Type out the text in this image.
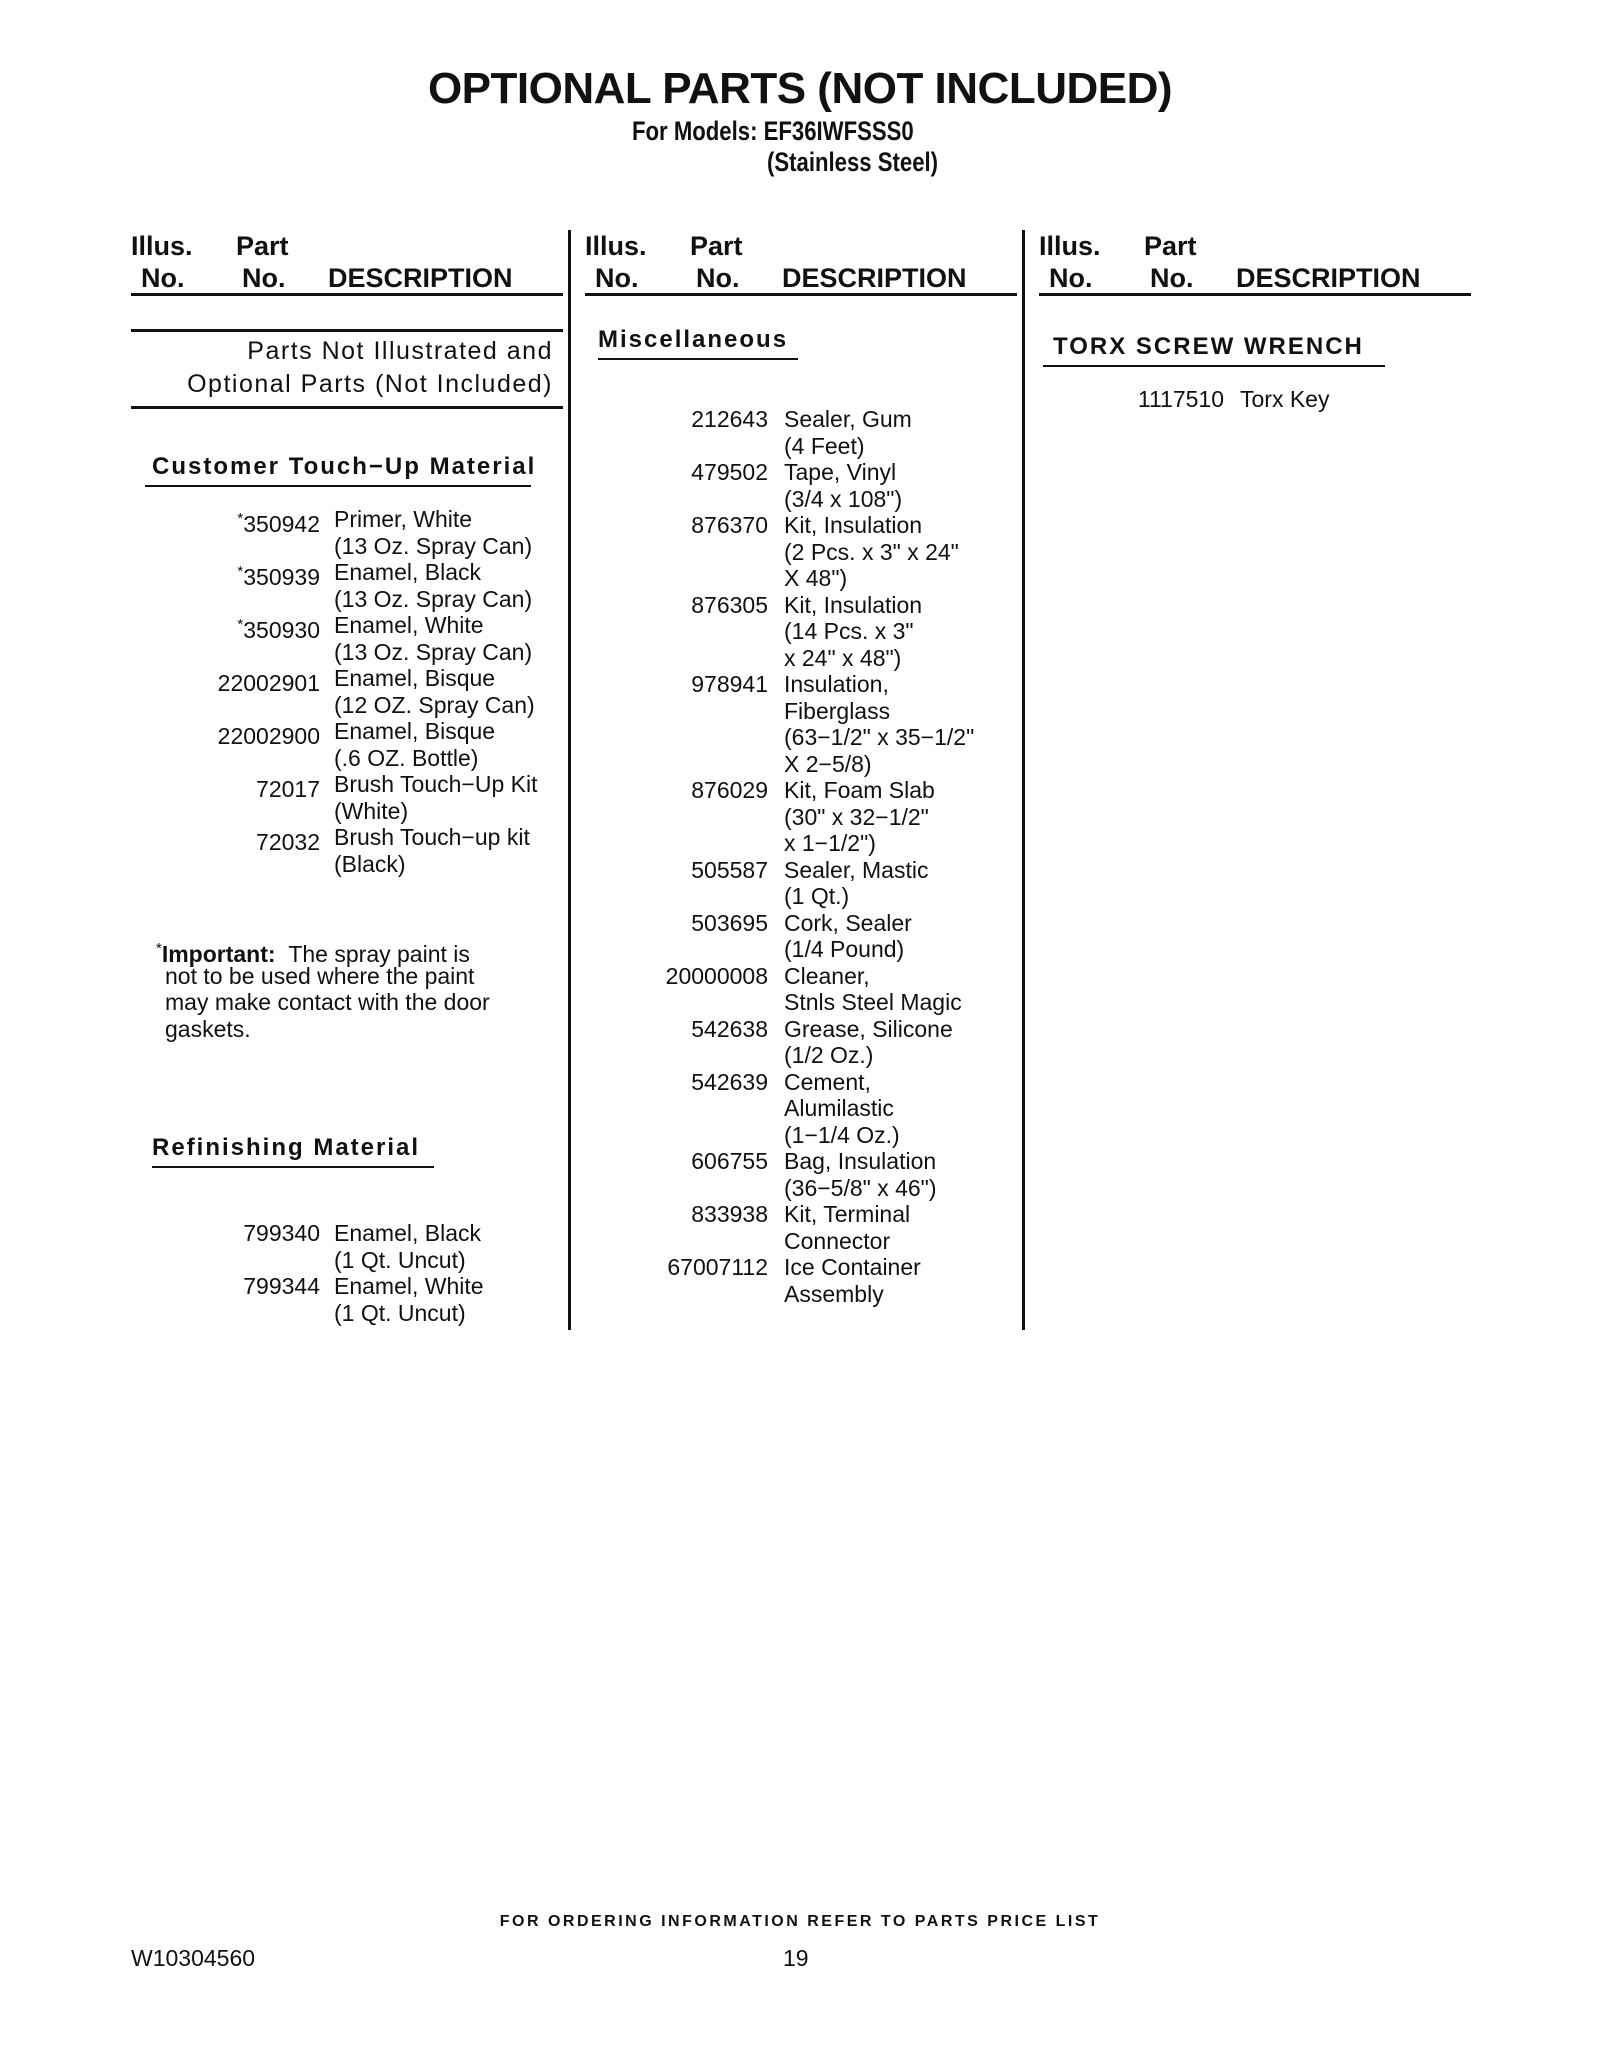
OPTIONAL PARTS (NOT INCLUDED)
For Models: EF36IWFSSS0
(Stainless Steel)
Illus. Part
No. No. DESCRIPTION
Illus. Part
No. No. DESCRIPTION
Illus. Part
No. No. DESCRIPTION
Parts Not Illustrated and
Optional Parts (Not Included)
Customer Touch−Up Material
*350942 Primer, White
(13 Oz. Spray Can)
*350939 Enamel, Black
(13 Oz. Spray Can)
*350930 Enamel, White
(13 Oz. Spray Can)
22002901 Enamel, Bisque
(12 OZ. Spray Can)
22002900 Enamel, Bisque
(.6 OZ. Bottle)
72017 Brush Touch−Up Kit
(White)
72032 Brush Touch−up kit
(Black)
*Important: The spray paint is
not to be used where the paint
may make contact with the door
gaskets.
Refinishing Material
799340 Enamel, Black
(1 Qt. Uncut)
799344 Enamel, White
(1 Qt. Uncut)
Miscellaneous
212643 Sealer, Gum
(4 Feet)
479502 Tape, Vinyl
(3/4 x 108")
876370 Kit, Insulation
(2 Pcs. x 3" x 24"
X 48")
876305 Kit, Insulation
(14 Pcs. x 3"
x 24" x 48")
978941 Insulation,
Fiberglass
(63−1/2" x 35−1/2"
X 2−5/8)
876029 Kit, Foam Slab
(30" x 32−1/2"
x 1−1/2")
505587 Sealer, Mastic
(1 Qt.)
503695 Cork, Sealer
(1/4 Pound)
20000008 Cleaner,
Stnls Steel Magic
542638 Grease, Silicone
(1/2 Oz.)
542639 Cement,
Alumilastic
(1−1/4 Oz.)
606755 Bag, Insulation
(36−5/8" x 46")
833938 Kit, Terminal
Connector
67007112 Ice Container
Assembly
TORX SCREW WRENCH
1117510 Torx Key
FOR ORDERING INFORMATION REFER TO PARTS PRICE LIST
W10304560	19
